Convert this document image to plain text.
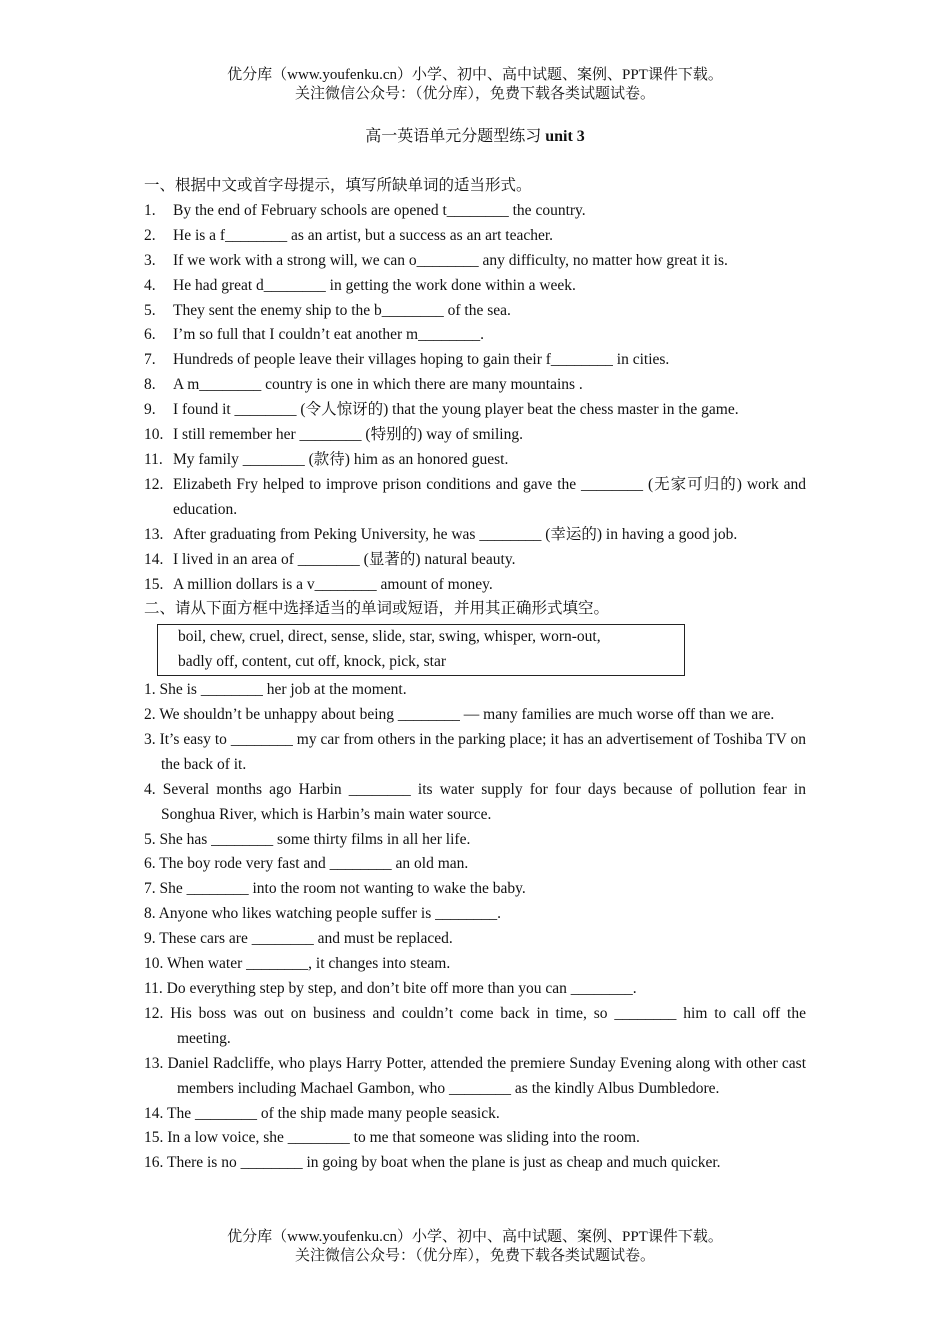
优分库（www.youfenku.cn）小学、初中、高中试题、案例、PPT课件下载。
关注微信公众号：（优分库），免费下载各类试题试卷。
高一英语单元分题型练习 unit 3
一、根据中文或首字母提示，填写所缺单词的适当形式。
1. By the end of February schools are opened t________ the country.
2. He is a f________ as an artist, but a success as an art teacher.
3. If we work with a strong will, we can o________ any difficulty, no matter how great it is.
4. He had great d________ in getting the work done within a week.
5. They sent the enemy ship to the b________ of the sea.
6. I’m so full that I couldn’t eat another m________.
7. Hundreds of people leave their villages hoping to gain their f________ in cities.
8. A m________ country is one in which there are many mountains .
9. I found it ________ (令人惊讶的) that the young player beat the chess master in the game.
10. I still remember her ________ (特别的) way of smiling.
11. My family ________ (款待) him as an honored guest.
12. Elizabeth Fry helped to improve prison conditions and gave the ________ (无家可归的) work and education.
13. After graduating from Peking University, he was ________ (幸运的) in having a good job.
14. I lived in an area of ________ (显著的) natural beauty.
15. A million dollars is a v________ amount of money.
二、请从下面方框中选择适当的单词或短语，并用其正确形式填空。
boil, chew, cruel, direct, sense, slide, star, swing, whisper, worn-out,
badly off, content, cut off, knock, pick, star
1. She is ________ her job at the moment.
2. We shouldn’t be unhappy about being ________ — many families are much worse off than we are.
3. It’s easy to ________ my car from others in the parking place; it has an advertisement of Toshiba TV on the back of it.
4. Several months ago Harbin ________ its water supply for four days because of pollution fear in Songhua River, which is Harbin’s main water source.
5. She has ________ some thirty films in all her life.
6. The boy rode very fast and ________ an old man.
7. She ________ into the room not wanting to wake the baby.
8. Anyone who likes watching people suffer is ________.
9. These cars are ________ and must be replaced.
10. When water ________, it changes into steam.
11. Do everything step by step, and don’t bite off more than you can ________.
12. His boss was out on business and couldn’t come back in time, so ________ him to call off the meeting.
13. Daniel Radcliffe, who plays Harry Potter, attended the premiere Sunday Evening along with other cast members including Machael Gambon, who ________ as the kindly Albus Dumbledore.
14. The ________ of the ship made many people seasick.
15. In a low voice, she ________ to me that someone was sliding into the room.
16. There is no ________ in going by boat when the plane is just as cheap and much quicker.
优分库（www.youfenku.cn）小学、初中、高中试题、案例、PPT课件下载。
关注微信公众号：（优分库），免费下载各类试题试卷。
